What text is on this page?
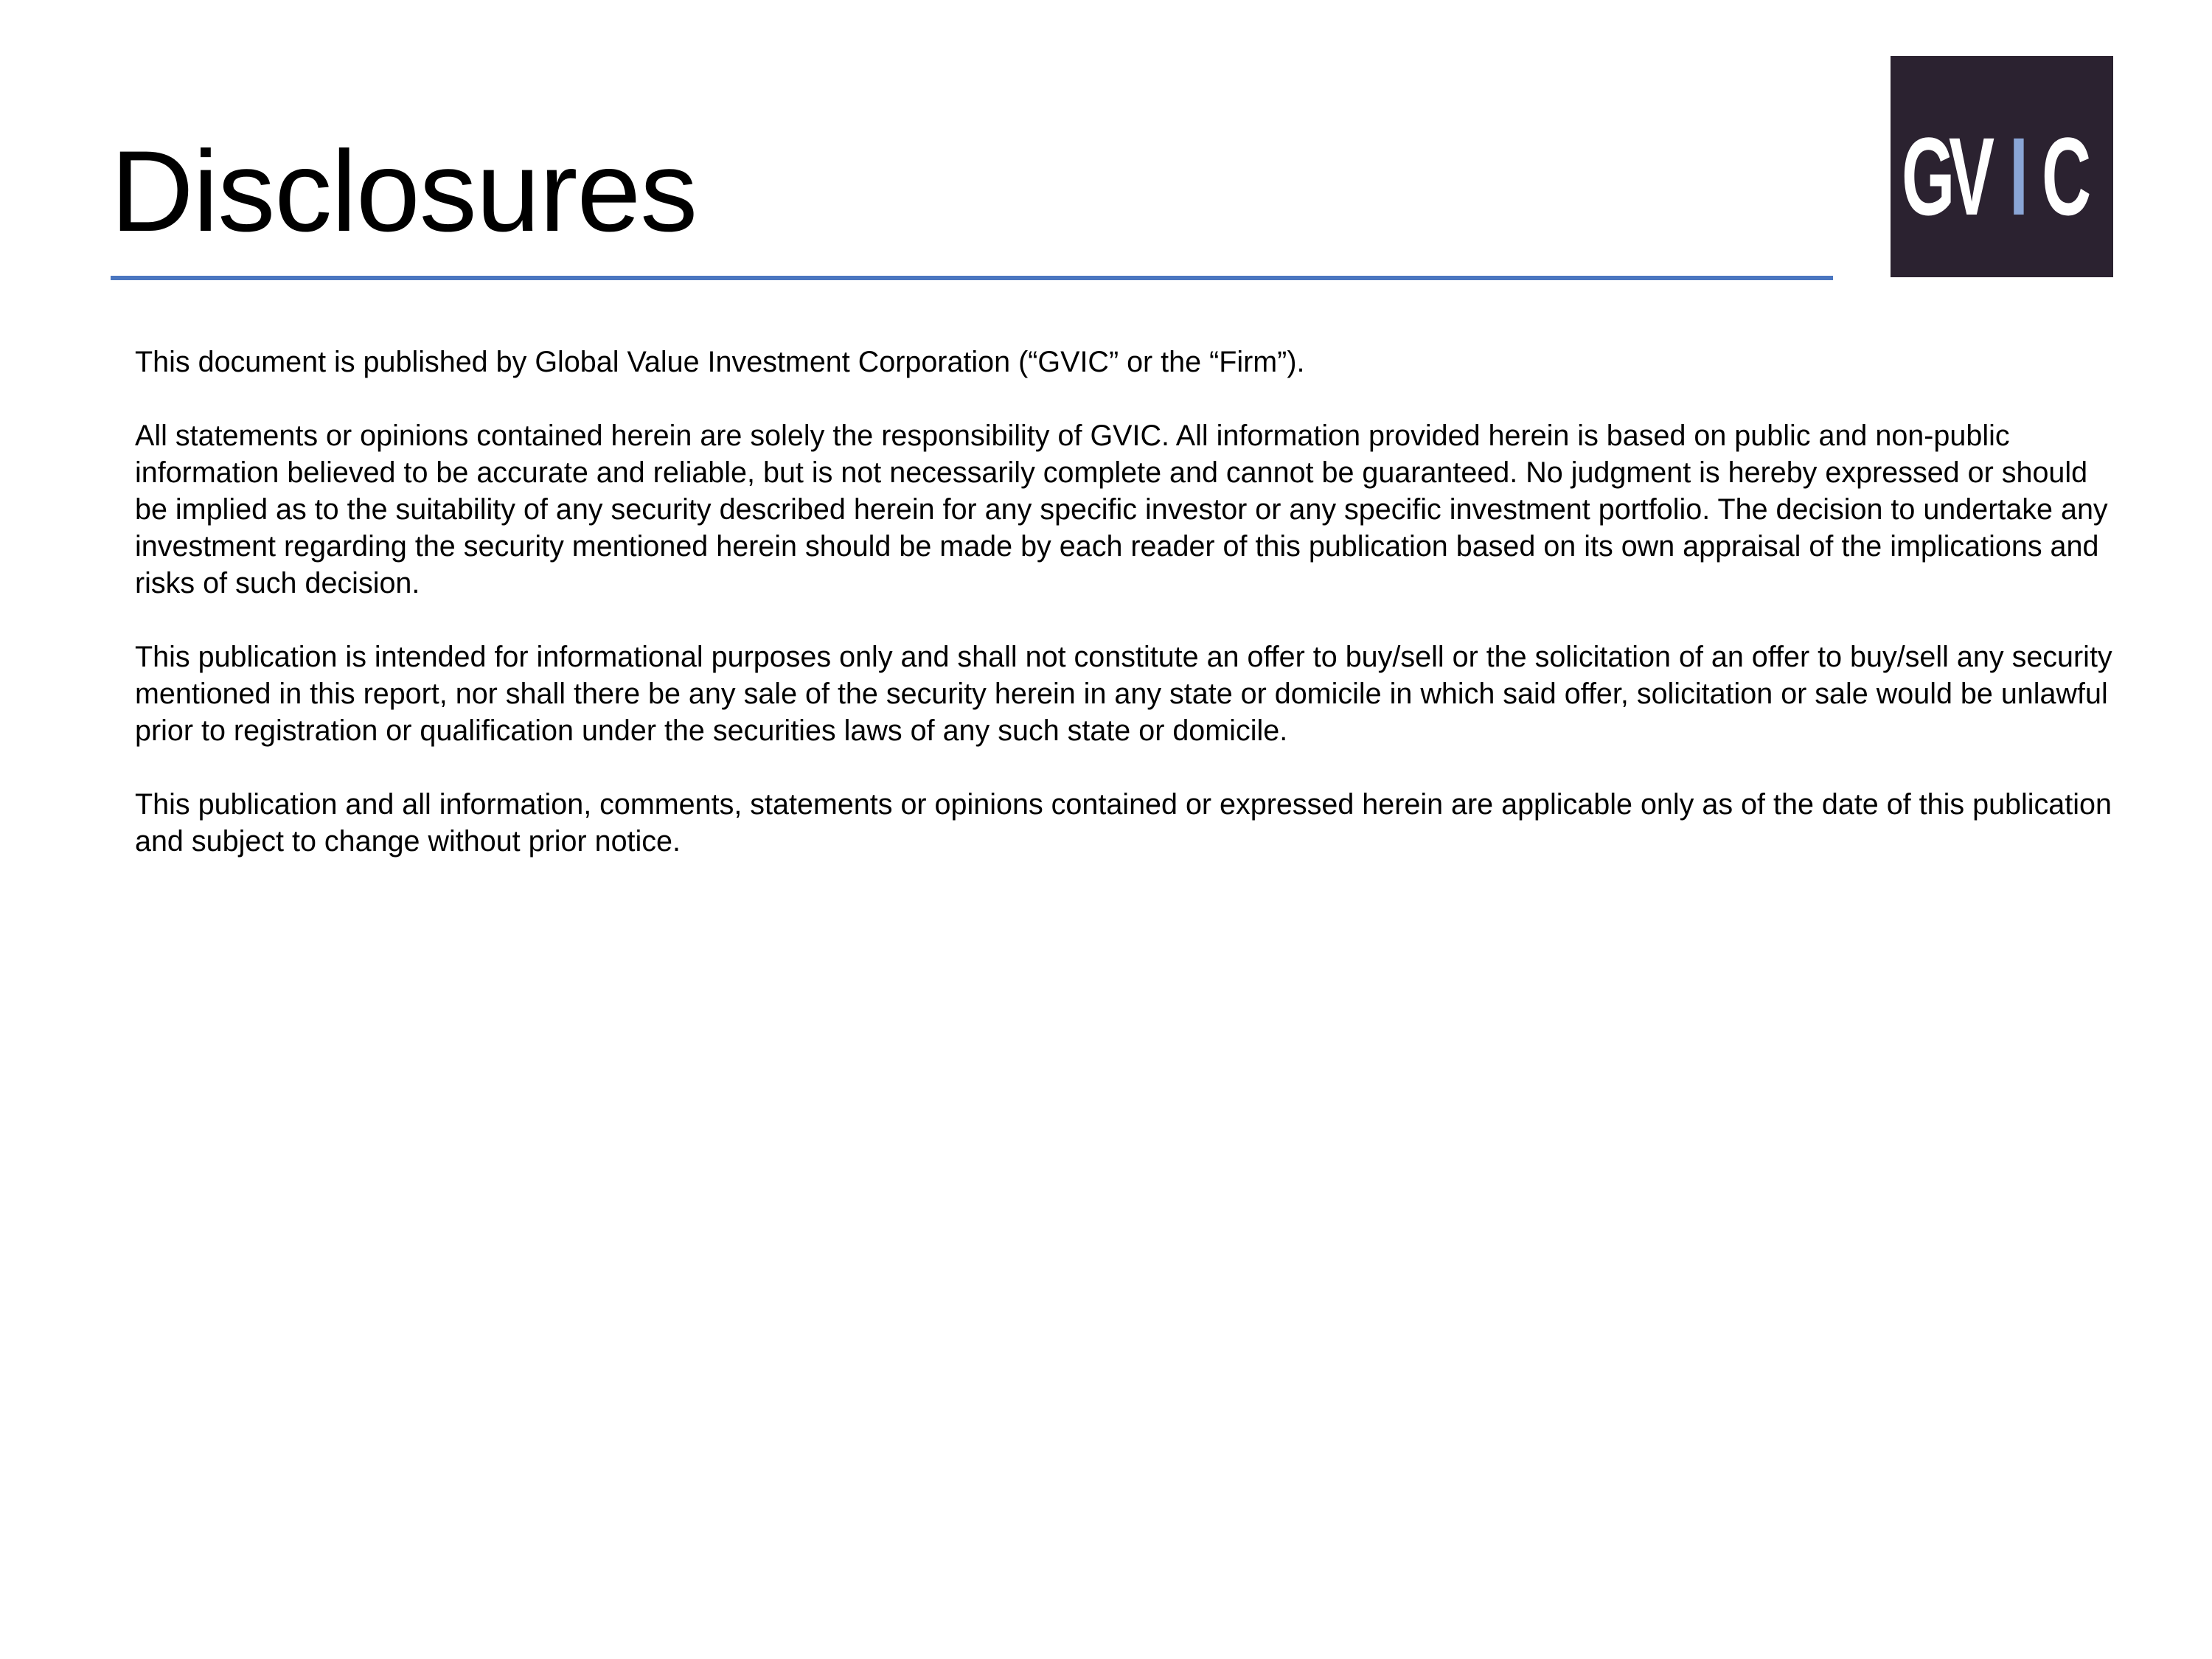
Disclosures	G
V I C

This document is published by Global Value Investment Corporation (“GVIC” or the “Firm”).

All statements or opinions contained herein are solely the responsibility of GVIC. All information provided herein is based on public and non-public information believed to be accurate and reliable, but is not necessarily complete and cannot be guaranteed. No judgment is hereby expressed or should be implied as to the suitability of any security described herein for any specific investor or any specific investment portfolio. The decision to undertake any investment regarding the security mentioned herein should be made by each reader of this publication based on its own appraisal of the implications and risks of such decision.

This publication is intended for informational purposes only and shall not constitute an offer to buy/sell or the solicitation of an offer to buy/sell any security mentioned in this report, nor shall there be any sale of the security herein in any state or domicile in which said offer, solicitation or sale would be unlawful prior to registration or qualification under the securities laws of any such state or domicile.

This publication and all information, comments, statements or opinions contained or expressed herein are applicable only as of the date of this publication and subject to change without prior notice.
